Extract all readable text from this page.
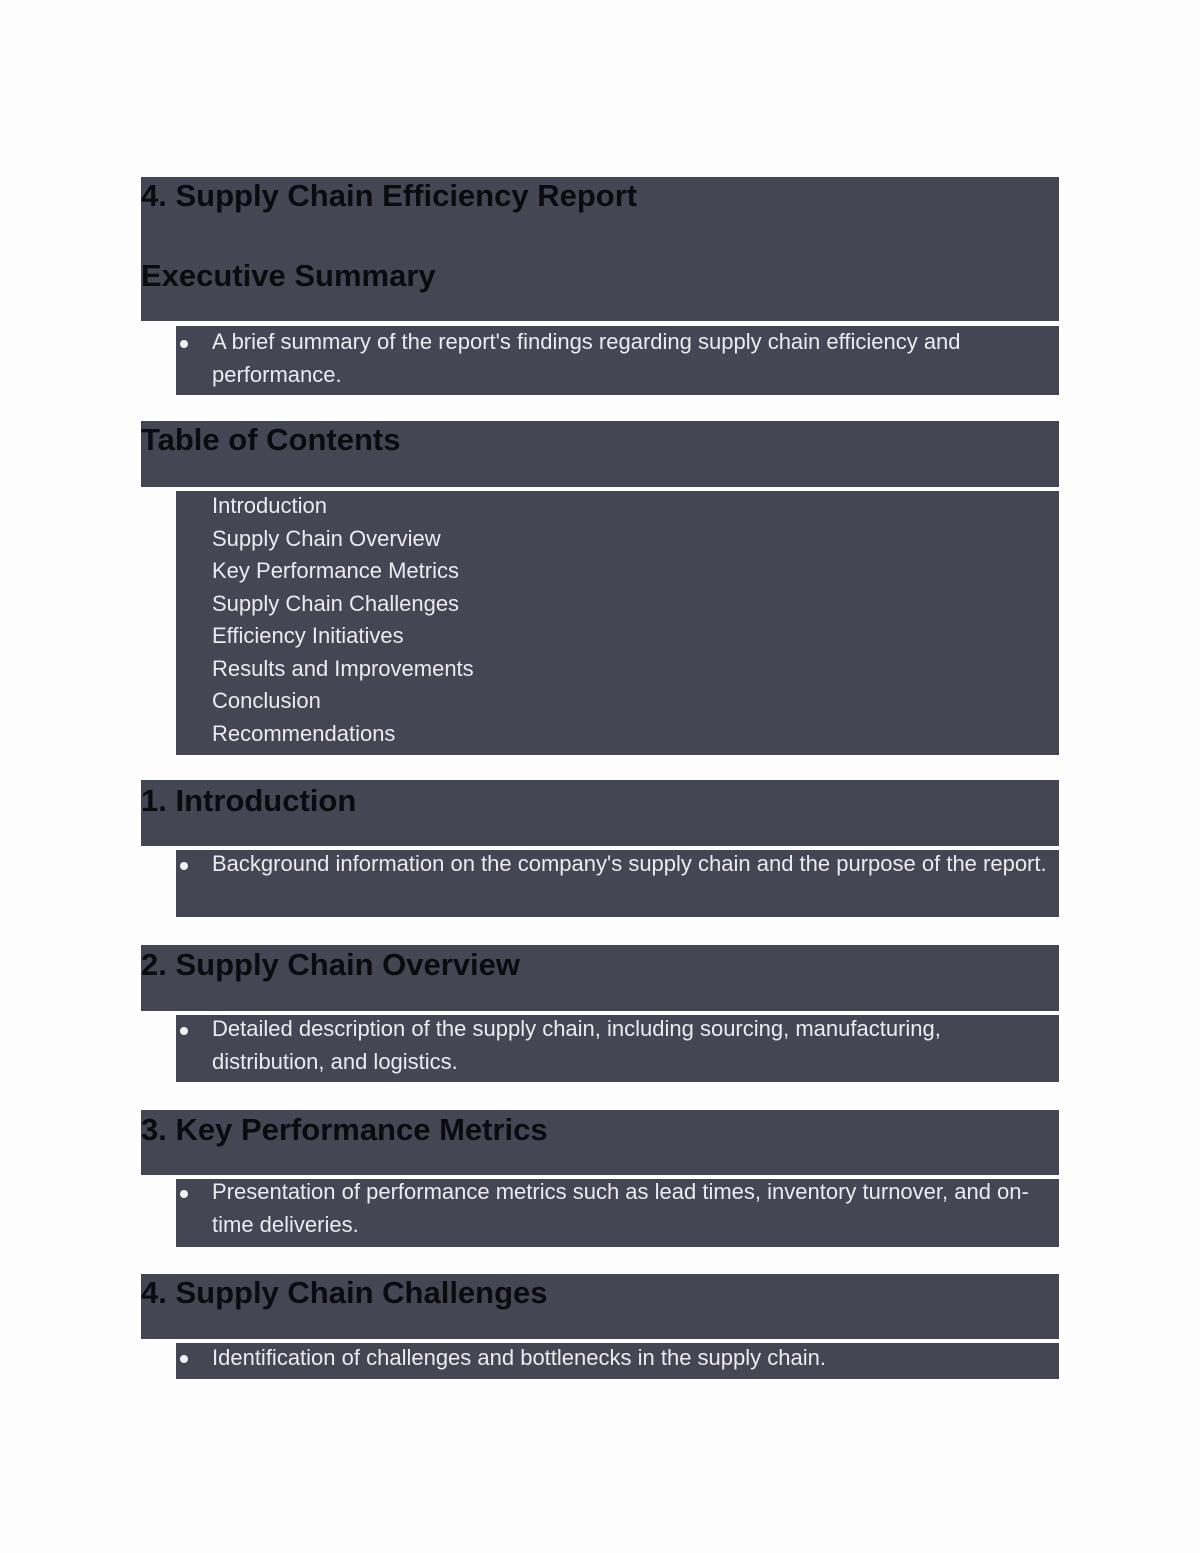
4. Supply Chain Efficiency Report
Executive Summary

A brief summary of the report's findings regarding supply chain efficiency and performance.

Table of Contents
Introduction
Supply Chain Overview
Key Performance Metrics
Supply Chain Challenges
Efficiency Initiatives
Results and Improvements
Conclusion
Recommendations
1. Introduction

Background information on the company's supply chain and the purpose of the report.

2. Supply Chain Overview

Detailed description of the supply chain, including sourcing, manufacturing, distribution, and logistics.

3. Key Performance Metrics

Presentation of performance metrics such as lead times, inventory turnover, and on-time deliveries.

4. Supply Chain Challenges

Identification of challenges and bottlenecks in the supply chain.
